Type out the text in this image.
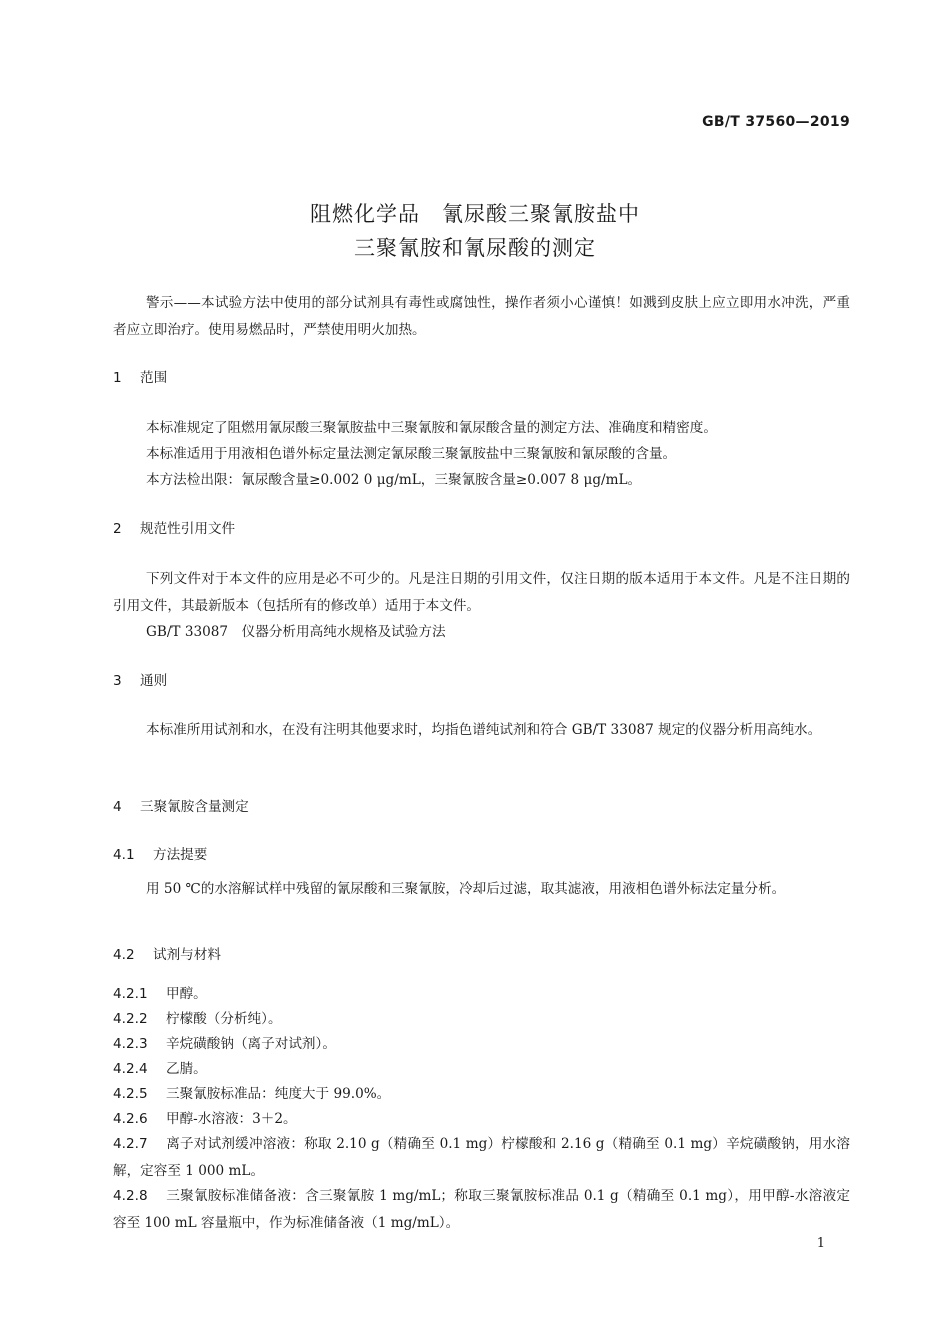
GB/T 37560—2019
阻燃化学品　氰尿酸三聚氰胺盐中
三聚氰胺和氰尿酸的测定
警示——本试验方法中使用的部分试剂具有毒性或腐蚀性，操作者须小心谨慎！如溅到皮肤上应立即用水冲洗，严重者应立即治疗。使用易燃品时，严禁使用明火加热。
1 范围
本标准规定了阻燃用氰尿酸三聚氰胺盐中三聚氰胺和氰尿酸含量的测定方法、准确度和精密度。
本标准适用于用液相色谱外标定量法测定氰尿酸三聚氰胺盐中三聚氰胺和氰尿酸的含量。
本方法检出限：氰尿酸含量≥0.002 0 μg/mL，三聚氰胺含量≥0.007 8 μg/mL。
2 规范性引用文件
下列文件对于本文件的应用是必不可少的。凡是注日期的引用文件，仅注日期的版本适用于本文件。凡是不注日期的引用文件，其最新版本（包括所有的修改单）适用于本文件。
GB/T 33087　仪器分析用高纯水规格及试验方法
3 通则
本标准所用试剂和水，在没有注明其他要求时，均指色谱纯试剂和符合 GB/T 33087 规定的仪器分析用高纯水。
4 三聚氰胺含量测定
4.1 方法提要
用 50 ℃的水溶解试样中残留的氰尿酸和三聚氰胺，冷却后过滤，取其滤液，用液相色谱外标法定量分析。
4.2 试剂与材料
4.2.1 甲醇。
4.2.2 柠檬酸（分析纯）。
4.2.3 辛烷磺酸钠（离子对试剂）。
4.2.4 乙腈。
4.2.5 三聚氰胺标准品：纯度大于 99.0%。
4.2.6 甲醇-水溶液：3＋2。
4.2.7 离子对试剂缓冲溶液：称取 2.10 g（精确至 0.1 mg）柠檬酸和 2.16 g（精确至 0.1 mg）辛烷磺酸钠，用水溶解，定容至 1 000 mL。
4.2.8 三聚氰胺标准储备液：含三聚氰胺 1 mg/mL；称取三聚氰胺标准品 0.1 g（精确至 0.1 mg），用甲醇-水溶液定容至 100 mL 容量瓶中，作为标准储备液（1 mg/mL）。
1
